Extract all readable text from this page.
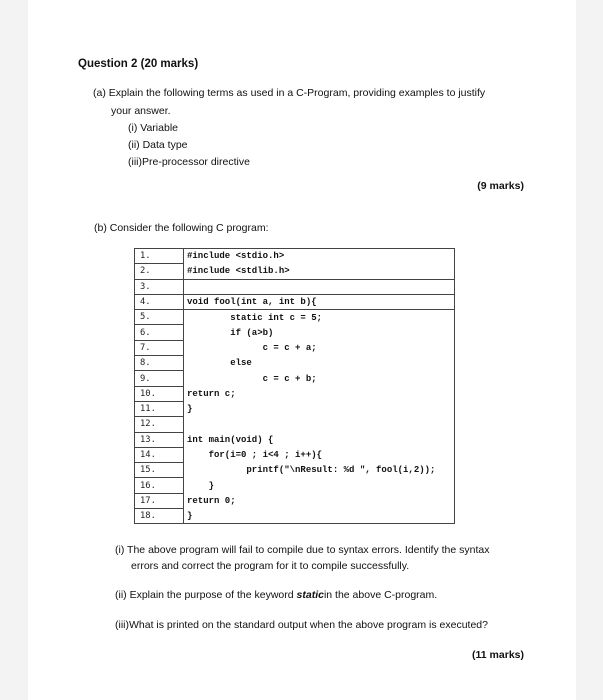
Question 2 (20 marks)
(a) Explain the following terms as used in a C-Program, providing examples to justify
your answer.
(i) Variable
(ii) Data type
(iii)Pre-processor directive
(9 marks)
(b) Consider the following C program:
1.	#include <stdio.h>
2.	#include <stdlib.h>
3.	
4.	void fool(int a, int b){
5.	static int c = 5;
6.	if (a>b)
7.	c = c + a;
8.	else
9.	c = c + b;
10.	return c;
11.	}
12.	
13.	int main(void) {
14.	for(i=0 ; i<4 ; i++){
15.	printf("\nResult: %d ", fool(i,2));
16.	}
17.	return 0;
18.	}
(i) The above program will fail to compile due to syntax errors. Identify the syntax
errors and correct the program for it to compile successfully.
(ii) Explain the purpose of the keyword staticin the above C-program.
(iii)What is printed on the standard output when the above program is executed?
(11 marks)
